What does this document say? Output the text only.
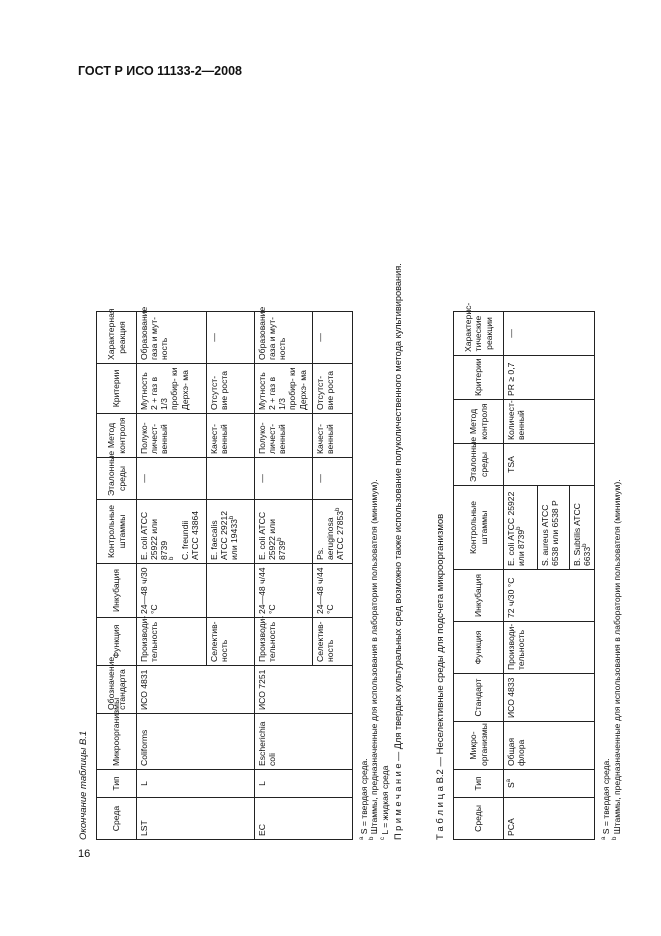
ГОСТ Р ИСО 11133-2—2008
Окончание таблицы В.1	Среда	Тип	Микроорганизмы	Обозначение стандарта	Функция	Инкубация	Контрольные штаммы	Эталонные среды	Метод контроля	Критерии	Характерная реакция
LST	L	Coliforms	ИСО 4831	Производи- тельность	24—48 ч/30 °С	E. coli ATCC 25922 или 8739 $^b$ C. freundii ATCC 43864	—	Полуко- личест- венный	Мутность 2 + газ в 1/3 пробир- ки Дерхэ- ма	Образование газа и мут- ность
				Селектив- ность		E. faecalis ATCC 29212 или 19433$^b$		Качест- венный	Отсутст- вие роста	—
EC	L	Escherichia coli	ИСО 7251	Производи- тельность	24—48 ч/44 °С	E. coli ATCC 25922 или 8739$^b$	—	Полуко- личест- венный	Мутность 2 + газ в 1/3 пробир- ки Дерхэ- ма	Образование газа и мут- ность
				Селектив- ность	24—48 ч/44 °С	Ps. aeruginosa ATCC 27853$^b$	—	Качест- венный	Отсутст- вие роста	—
$^a$ S = твердая среда.
$^b$ Штаммы, предназначенные для использования в лаборатории пользователя (минимум).
$^c$ L = жидкая среда П р и м е ч а н и е — Для твердых культуральных сред возможно также использование полуколичественного метода культивирования.	Т а б л и ц а В.2 — Неселективные среды для подсчета микроорганизмов	Среды	Тип	Микро- организмы	Стандарт	Функция	Инкубация	Контрольные штаммы	Эталонные среды	Метод контроля	Критерии	Характерис- тические реакции
PCA	$S^a$	Общая флора	ИСО 4833	Производи- тельность	72 ч/30 °С	E. coli ATCC 25922 или 8739$^b$	TSA	Количест- венный	PR ≥ 0,7	—
						S. aureus ATCC 6538 или 6538 P				
						B. Subtilis ATCC 6633$^b$
$^a$ S = твердая среда.
$^b$ Штаммы, предназначенные для использования в лаборатории пользователя (минимум).
16
